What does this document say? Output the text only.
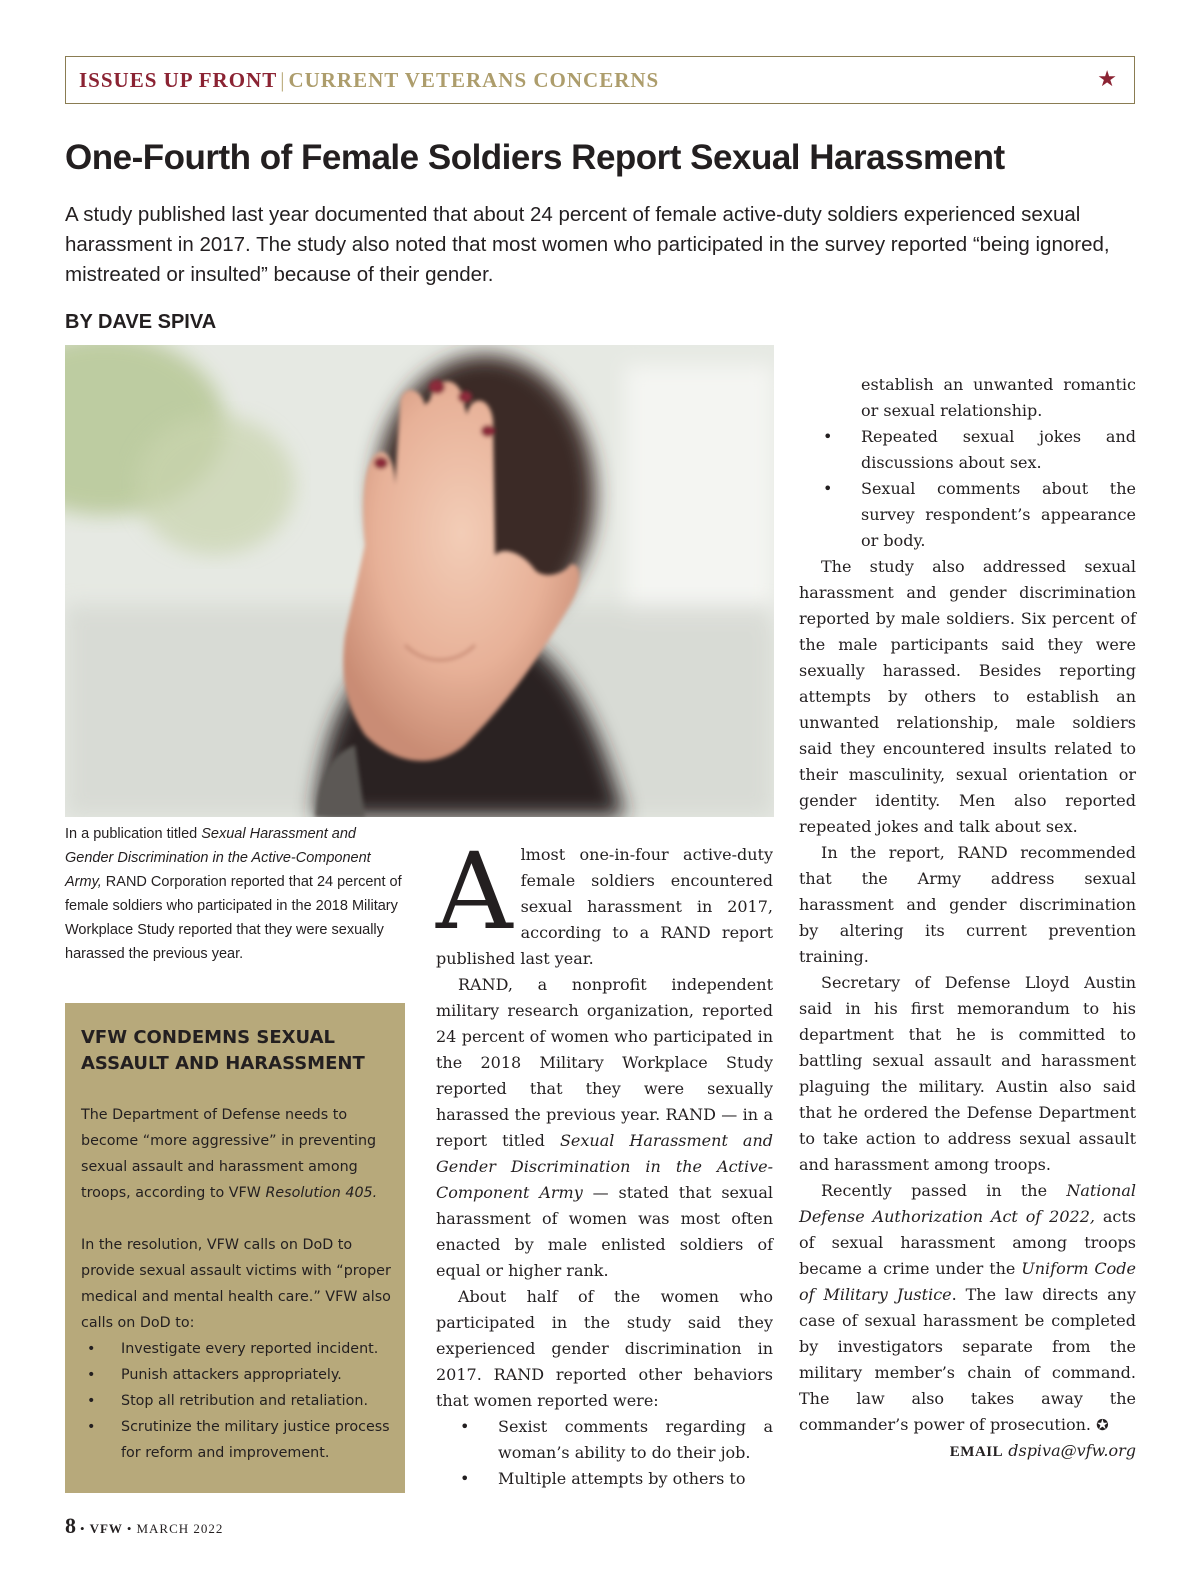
ISSUES UP FRONT | CURRENT VETERANS CONCERNS	★
One-Fourth of Female Soldiers Report Sexual Harassment

A study published last year documented that about 24 percent of female active-duty soldiers experienced sexual harassment in 2017. The study also noted that most women who participated in the survey reported “being ignored, mistreated or insulted” because of their gender.

BY DAVE SPIVA

In a publication titled Sexual Harassment and Gender Discrimination in the Active-Component Army, RAND Corporation reported that 24 percent of female soldiers who participated in the 2018 Military Workplace Study reported that they were sexually harassed the previous year.

VFW CONDEMNS SEXUAL ASSAULT AND HARASSMENT

The Department of Defense needs to become “more aggressive” in preventing sexual assault and harassment among troops, according to VFW Resolution 405.

In the resolution, VFW calls on DoD to provide sexual assault victims with “proper medical and mental health care.” VFW also calls on DoD to:

• Investigate every reported incident.
• Punish attackers appropriately.
• Stop all retribution and retaliation.
• Scrutinize the military justice process for reform and improvement.

Almost one-in-four active-duty female soldiers encountered sexual harassment in 2017, according to a RAND report published last year.

RAND, a nonprofit independent military research organization, reported 24 percent of women who participated in the 2018 Military Workplace Study reported that they were sexually harassed the previous year. RAND — in a report titled Sexual Harassment and Gender Discrimination in the Active-Component Army — stated that sexual harassment of women was most often enacted by male enlisted soldiers of equal or higher rank.

About half of the women who participated in the study said they experienced gender discrimination in 2017. RAND reported other behaviors that women reported were:

• Sexist comments regarding a woman’s ability to do their job.
• Multiple attempts by others to
establish an unwanted romantic or sexual relationship.
• Repeated sexual jokes and discussions about sex.
• Sexual comments about the survey respondent’s appearance or body.

The study also addressed sexual harassment and gender discrimination reported by male soldiers. Six percent of the male participants said they were sexually harassed. Besides reporting attempts by others to establish an unwanted relationship, male soldiers said they encountered insults related to their masculinity, sexual orientation or gender identity. Men also reported repeated jokes and talk about sex.

In the report, RAND recommended that the Army address sexual harassment and gender discrimination by altering its current prevention training.

Secretary of Defense Lloyd Austin said in his first memorandum to his department that he is committed to battling sexual assault and harassment plaguing the military. Austin also said that he ordered the Defense Department to take action to address sexual assault and harassment among troops.

Recently passed in the National Defense Authorization Act of 2022, acts of sexual harassment among troops became a crime under the Uniform Code of Military Justice. The law directs any case of sexual harassment be completed by investigators separate from the military member’s chain of command. The law also takes away the commander’s power of prosecution. ✪

EMAIL dspiva@vfw.org

8 • VFW • MARCH 2022
